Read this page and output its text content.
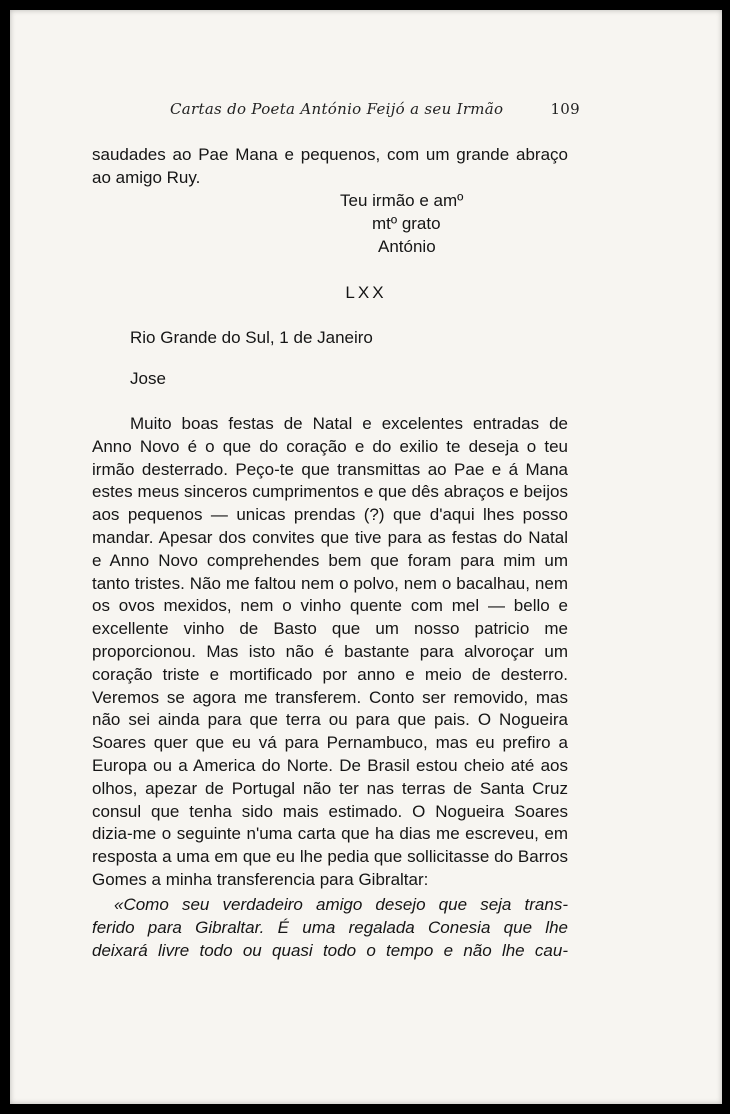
Cartas do Poeta António Feijó a seu Irmão	109

saudades ao Pae Mana e pequenos, com um grande abraço ao amigo Ruy.

Teu irmão e amº
mtº grato
António
LXX
Rio Grande do Sul, 1 de Janeiro
Jose

Muito boas festas de Natal e excelentes entradas de Anno Novo é o que do coração e do exilio te deseja o teu irmão desterrado. Peço-te que transmittas ao Pae e á Mana estes meus sinceros cumprimentos e que dês abraços e beijos aos pequenos — unicas prendas (?) que d'aqui lhes posso mandar. Apesar dos convites que tive para as festas do Natal e Anno Novo comprehendes bem que foram para mim um tanto tristes. Não me faltou nem o polvo, nem o bacalhau, nem os ovos mexidos, nem o vinho quente com mel — bello e excellente vinho de Basto que um nosso patricio me proporcionou. Mas isto não é bastante para alvoroçar um coração triste e mortificado por anno e meio de desterro. Veremos se agora me transferem. Conto ser removido, mas não sei ainda para que terra ou para que pais. O Nogueira Soares quer que eu vá para Pernambuco, mas eu prefiro a Europa ou a America do Norte. De Brasil estou cheio até aos olhos, apezar de Portugal não ter nas terras de Santa Cruz consul que tenha sido mais estimado. O Nogueira Soares dizia-me o seguinte n'uma carta que ha dias me escreveu, em resposta a uma em que eu lhe pedia que sollicitasse do Barros Gomes a minha transferencia para Gibraltar:

«Como seu verdadeiro amigo desejo que seja trans-
ferido para Gibraltar. É uma regalada Conesia que lhe
deixará livre todo ou quasi todo o tempo e não lhe cau-
